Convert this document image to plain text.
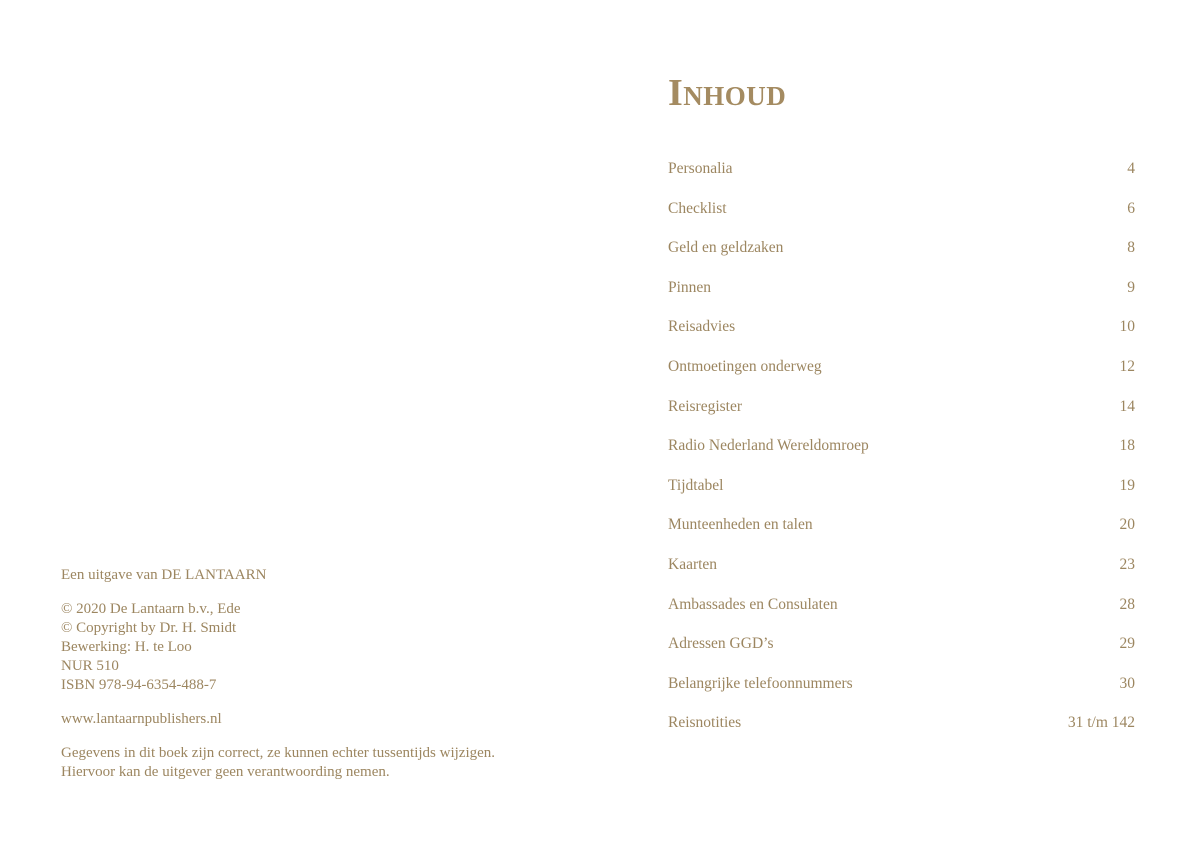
Een uitgave van DE LANTAARN
© 2020 De Lantaarn b.v., Ede
© Copyright by Dr. H. Smidt
Bewerking: H. te Loo
NUR 510
ISBN 978-94-6354-488-7
www.lantaarnpublishers.nl
Gegevens in dit boek zijn correct, ze kunnen echter tussentijds wijzigen.
Hiervoor kan de uitgever geen verantwoording nemen.
Inhoud
Personalia	4
Checklist	6
Geld en geldzaken	8
Pinnen	9
Reisadvies	10
Ontmoetingen onderweg	12
Reisregister	14
Radio Nederland Wereldomroep	18
Tijdtabel	19
Munteenheden en talen	20
Kaarten	23
Ambassades en Consulaten	28
Adressen GGD’s	29
Belangrijke telefoonnummers	30
Reisnotities	31 t/m 142
